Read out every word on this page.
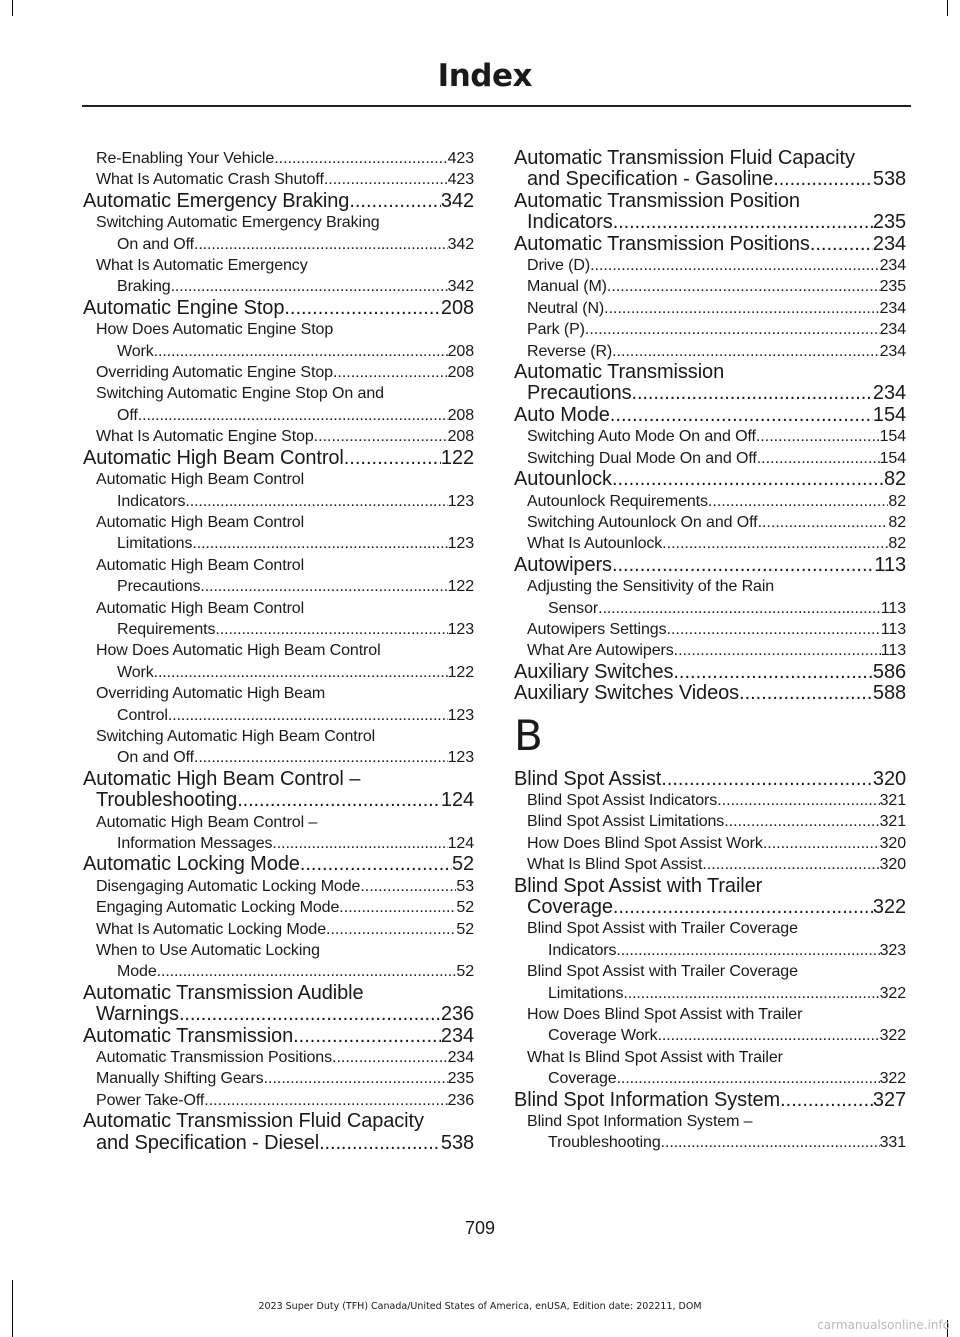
Index
Re-Enabling Your Vehicle .....	423
What Is Automatic Crash Shutoff .....	423
Automatic Emergency Braking .....	342
Switching Automatic Emergency Braking
On and Off .....	342
What Is Automatic Emergency
Braking .....	342
Automatic Engine Stop .....	208
How Does Automatic Engine Stop
Work .....	208
Overriding Automatic Engine Stop .....	208
Switching Automatic Engine Stop On and
Off .....	208
What Is Automatic Engine Stop .....	208
Automatic High Beam Control .....	122
Automatic High Beam Control
Indicators .....	123
Automatic High Beam Control
Limitations .....	123
Automatic High Beam Control
Precautions .....	122
Automatic High Beam Control
Requirements .....	123
How Does Automatic High Beam Control
Work .....	122
Overriding Automatic High Beam
Control .....	123
Switching Automatic High Beam Control
On and Off .....	123
Automatic High Beam Control –
Troubleshooting .....	124
Automatic High Beam Control –
Information Messages .....	124
Automatic Locking Mode .....	52
Disengaging Automatic Locking Mode .....	53
Engaging Automatic Locking Mode .....	52
What Is Automatic Locking Mode .....	52
When to Use Automatic Locking
Mode .....	52
Automatic Transmission Audible
Warnings .....	236
Automatic Transmission .....	234
Automatic Transmission Positions .....	234
Manually Shifting Gears .....	235
Power Take-Off .....	236
Automatic Transmission Fluid Capacity
and Specification - Diesel .....	538
Automatic Transmission Fluid Capacity
and Specification - Gasoline .....	538
Automatic Transmission Position
Indicators .....	235
Automatic Transmission Positions .....	234
Drive (D) .....	234
Manual (M) .....	235
Neutral (N) .....	234
Park (P) .....	234
Reverse (R) .....	234
Automatic Transmission
Precautions .....	234
Auto Mode .....	154
Switching Auto Mode On and Off .....	154
Switching Dual Mode On and Off .....	154
Autounlock .....	82
Autounlock Requirements .....	82
Switching Autounlock On and Off .....	82
What Is Autounlock .....	82
Autowipers .....	113
Adjusting the Sensitivity of the Rain
Sensor .....	113
Autowipers Settings .....	113
What Are Autowipers .....	113
Auxiliary Switches .....	586
Auxiliary Switches Videos .....	588
B
Blind Spot Assist .....	320
Blind Spot Assist Indicators .....	321
Blind Spot Assist Limitations .....	321
How Does Blind Spot Assist Work .....	320
What Is Blind Spot Assist .....	320
Blind Spot Assist with Trailer
Coverage .....	322
Blind Spot Assist with Trailer Coverage
Indicators .....	323
Blind Spot Assist with Trailer Coverage
Limitations .....	322
How Does Blind Spot Assist with Trailer
Coverage Work .....	322
What Is Blind Spot Assist with Trailer
Coverage .....	322
Blind Spot Information System .....	327
Blind Spot Information System –
Troubleshooting .....	331
709
2023 Super Duty (TFH) Canada/United States of America, enUSA, Edition date: 202211, DOM
carmanualsonline.info
